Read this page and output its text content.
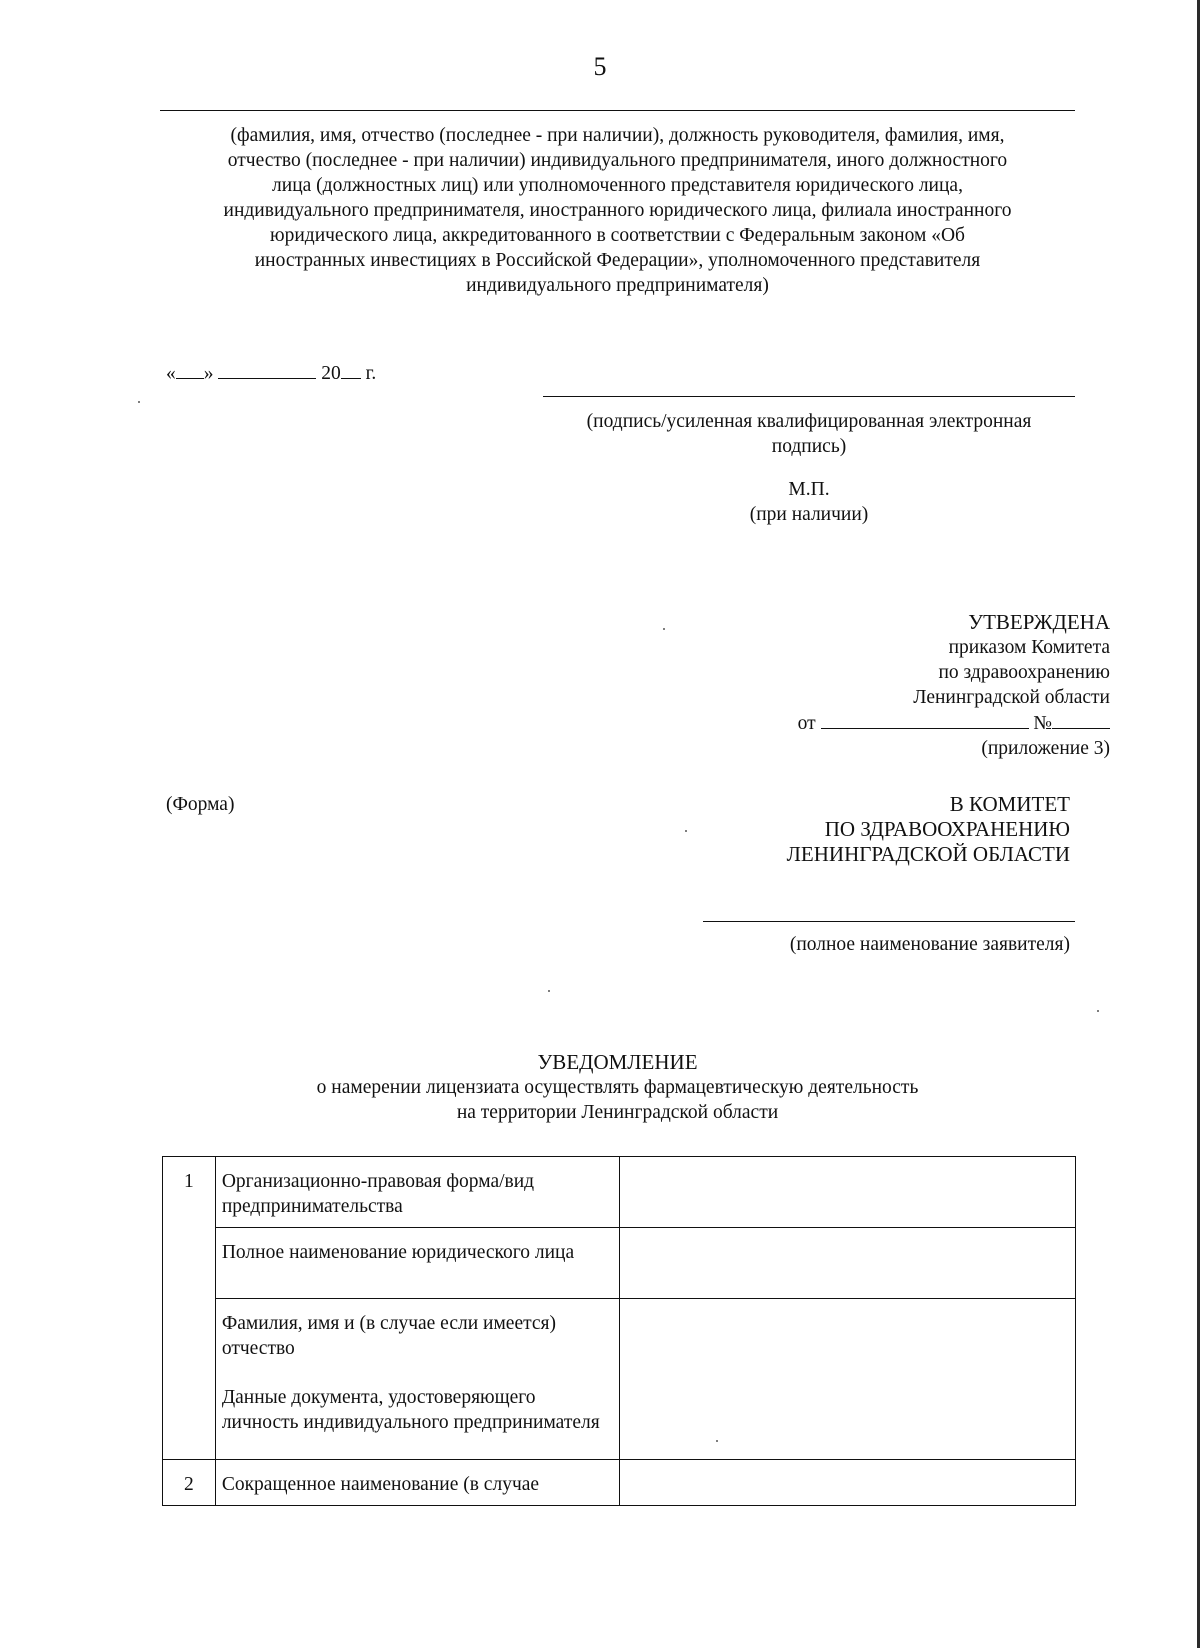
5
(фамилия, имя, отчество (последнее - при наличии), должность руководителя, фамилия, имя,
отчество (последнее - при наличии) индивидуального предпринимателя, иного должностного
лица (должностных лиц) или уполномоченного представителя юридического лица,
индивидуального предпринимателя, иностранного юридического лица, филиала иностранного
юридического лица, аккредитованного в соответствии с Федеральным законом «Об
иностранных инвестициях в Российской Федерации», уполномоченного представителя
индивидуального предпринимателя)
« »	20 г.
(подпись/усиленная квалифицированная электронная
подпись)
М.П.
(при наличии)
УТВЕРЖДЕНА
приказом Комитета
по здравоохранению
Ленинградской области
от	№
(приложение 3)
(Форма)	В КОМИТЕТ
ПО ЗДРАВООХРАНЕНИЮ
ЛЕНИНГРАДСКОЙ ОБЛАСТИ
(полное наименование заявителя)
УВЕДОМЛЕНИЕ
о намерении лицензиата осуществлять фармацевтическую деятельность
на территории Ленинградской области
1	Организационно-правовая форма/вид предпринимательства	
	Полное наименование юридического лица	

	Фамилия, имя и (в случае если имеется) отчество
Данные документа, удостоверяющего личность индивидуального предпринимателя	

2	Сокращенное наименование (в случае	
